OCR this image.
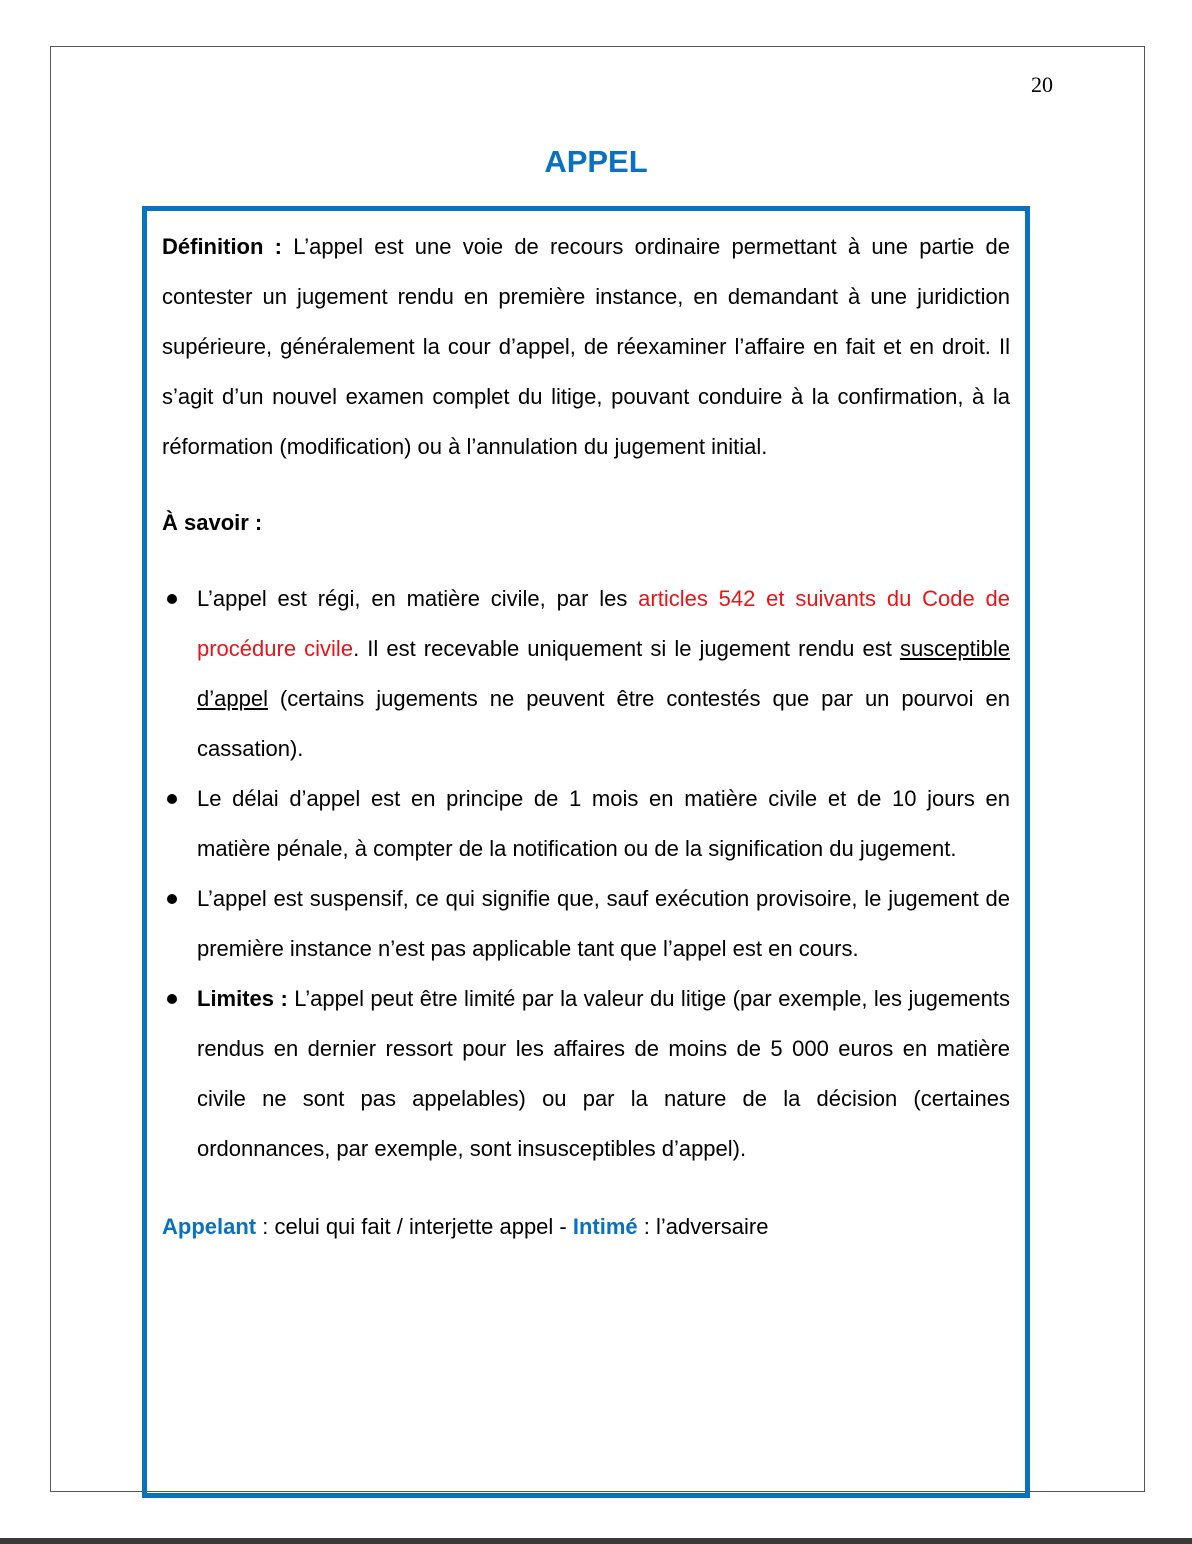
20
APPEL

Définition : L’appel est une voie de recours ordinaire permettant à une partie de contester un jugement rendu en première instance, en demandant à une juridiction supérieure, généralement la cour d’appel, de réexaminer l’affaire en fait et en droit. Il s’agit d’un nouvel examen complet du litige, pouvant conduire à la confirmation, à la réformation (modification) ou à l’annulation du jugement initial.

À savoir :

L’appel est régi, en matière civile, par les articles 542 et suivants du Code de procédure civile. Il est recevable uniquement si le jugement rendu est susceptible d’appel (certains jugements ne peuvent être contestés que par un pourvoi en cassation).
Le délai d’appel est en principe de 1 mois en matière civile et de 10 jours en matière pénale, à compter de la notification ou de la signification du jugement.
L’appel est suspensif, ce qui signifie que, sauf exécution provisoire, le jugement de première instance n’est pas applicable tant que l’appel est en cours.
Limites : L’appel peut être limité par la valeur du litige (par exemple, les jugements rendus en dernier ressort pour les affaires de moins de 5 000 euros en matière civile ne sont pas appelables) ou par la nature de la décision (certaines ordonnances, par exemple, sont insusceptibles d’appel).

Appelant : celui qui fait / interjette appel - Intimé : l’adversaire
